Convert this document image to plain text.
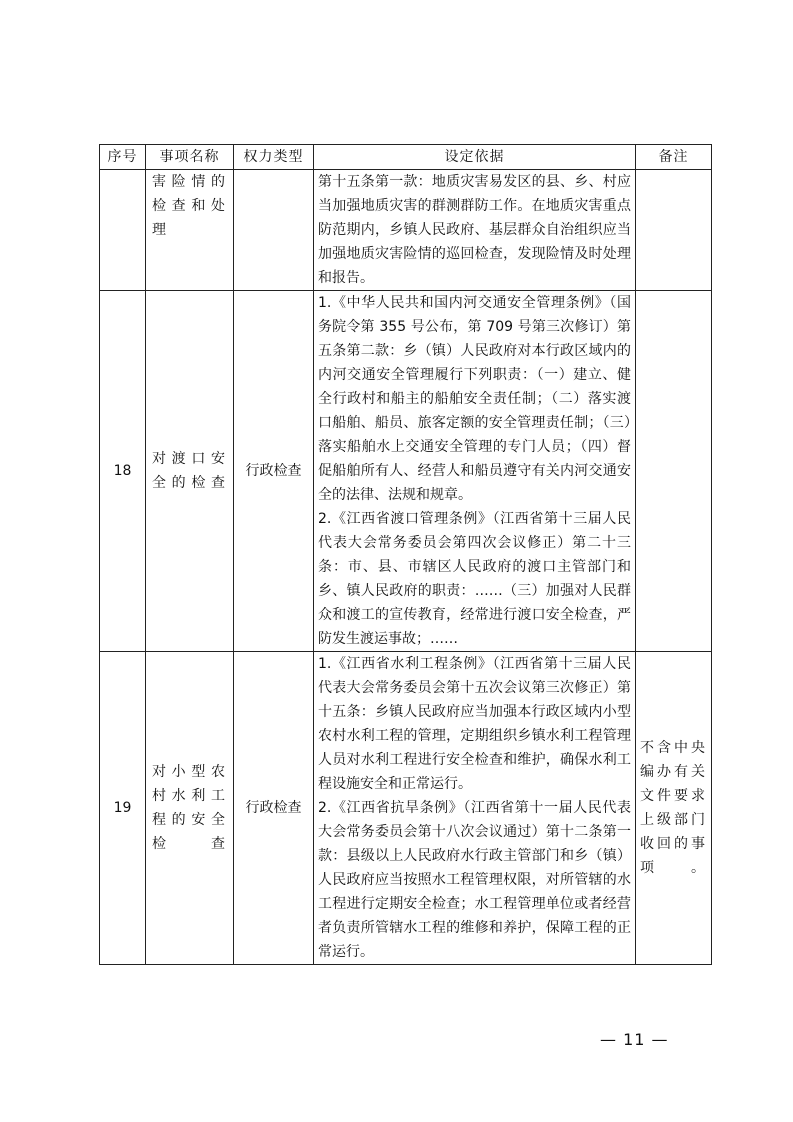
序号	事项名称	权力类型	设定依据	备注
	害险情的检查和处理		第十五条第一款：地质灾害易发区的县、乡、村应当加强地质灾害的群测群防工作。在地质灾害重点防范期内，乡镇人民政府、基层群众自治组织应当加强地质灾害险情的巡回检查，发现险情及时处理和报告。	

18	对渡口安全的检查	行政检查	1.《中华人民共和国内河交通安全管理条例》（国务院令第 355 号公布，第 709 号第三次修订）第五条第二款：乡（镇）人民政府对本行政区域内的内河交通安全管理履行下列职责：（一）建立、健全行政村和船主的船舶安全责任制；（二）落实渡口船舶、船员、旅客定额的安全管理责任制；（三）落实船舶水上交通安全管理的专门人员；（四）督促船舶所有人、经营人和船员遵守有关内河交通安全的法律、法规和规章。
2.《江西省渡口管理条例》（江西省第十三届人民代表大会常务委员会第四次会议修正）第二十三条：市、县、市辖区人民政府的渡口主管部门和乡、镇人民政府的职责：……（三）加强对人民群众和渡工的宣传教育，经常进行渡口安全检查，严防发生渡运事故；……	

19	对小型农村水利工程的安全检查	行政检查	1.《江西省水利工程条例》（江西省第十三届人民代表大会常务委员会第十五次会议第三次修正）第十五条：乡镇人民政府应当加强本行政区域内小型农村水利工程的管理，定期组织乡镇水利工程管理人员对水利工程进行安全检查和维护，确保水利工程设施安全和正常运行。
2.《江西省抗旱条例》（江西省第十一届人民代表大会常务委员会第十八次会议通过）第十二条第一款：县级以上人民政府水行政主管部门和乡（镇）人民政府应当按照水工程管理权限，对所管辖的水工程进行定期安全检查；水工程管理单位或者经营者负责所管辖水工程的维修和养护，保障工程的正常运行。	不含中央编办有关文件要求上级部门收回的事项。
— 11 —
